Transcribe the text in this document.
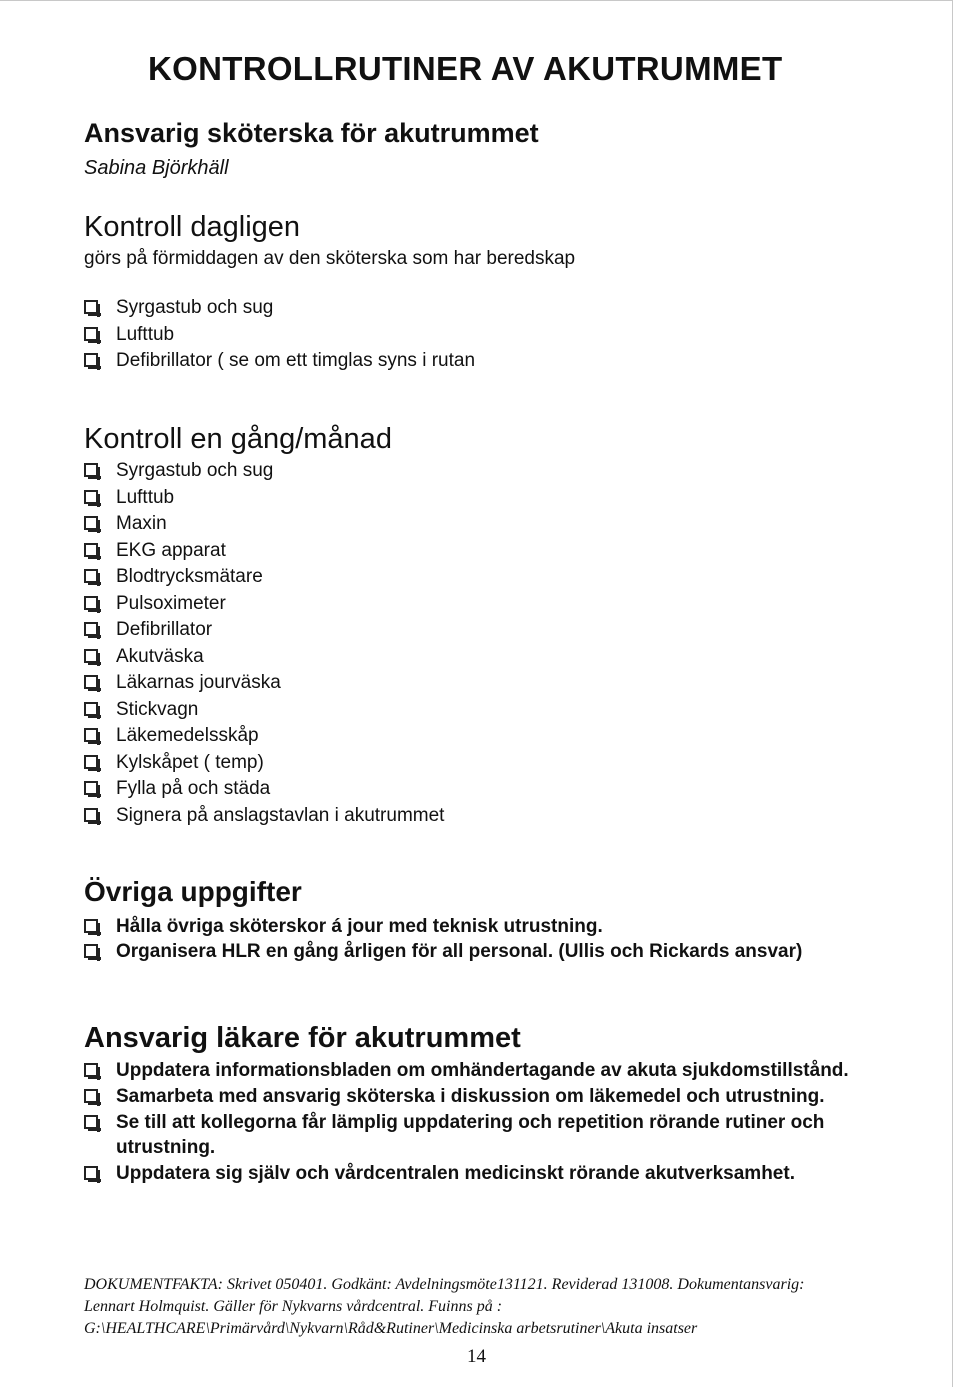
KONTROLLRUTINER AV AKUTRUMMET
Ansvarig sköterska för akutrummet
Sabina Björkhäll
Kontroll dagligen
görs på förmiddagen av den sköterska som har beredskap
Syrgastub och sug
Lufttub
Defibrillator ( se om ett timglas syns i rutan
Kontroll en gång/månad
Syrgastub och sug
Lufttub
Maxin
EKG apparat
Blodtrycksmätare
Pulsoximeter
Defibrillator
Akutväska
Läkarnas jourväska
Stickvagn
Läkemedelsskåp
Kylskåpet ( temp)
Fylla på och städa
Signera på anslagstavlan i akutrummet
Övriga uppgifter
Hålla övriga sköterskor á jour med teknisk utrustning.
Organisera HLR en gång årligen för all personal. (Ullis och Rickards ansvar)
Ansvarig läkare för akutrummet
Uppdatera informationsbladen om omhändertagande av akuta sjukdomstillstånd.
Samarbeta med ansvarig sköterska i diskussion om läkemedel och utrustning.
Se till att kollegorna får lämplig uppdatering och repetition rörande rutiner och utrustning.
Uppdatera sig själv och vårdcentralen medicinskt rörande akutverksamhet.
DOKUMENTFAKTA: Skrivet 050401. Godkänt: Avdelningsmöte131121. Reviderad 131008. Dokumentansvarig:
Lennart Holmquist. Gäller för Nykvarns vårdcentral. Fuinns på :
G:\HEALTHCARE\Primärvård\Nykvarn\Råd&Rutiner\Medicinska arbetsrutiner\Akuta insatser
14
